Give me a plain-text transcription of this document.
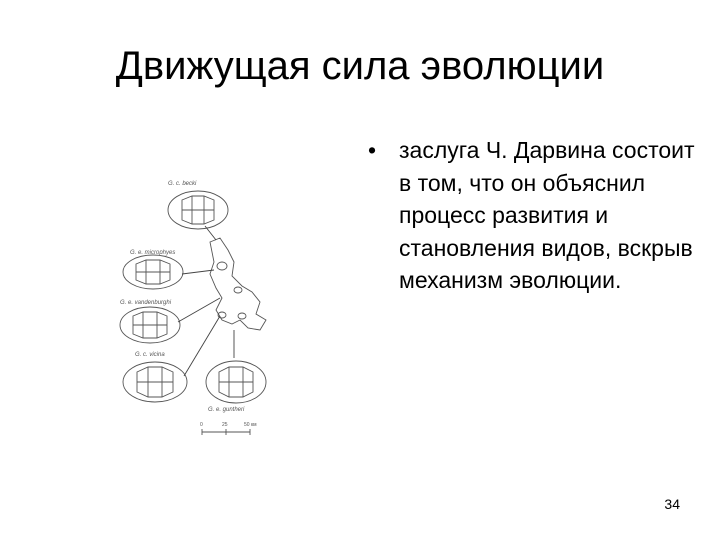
Движущая сила эволюции
G. c. becki
G. e. microphyes
G. e. vandenburghi
G. c. vicina
G. e. guntheri
0	25	50 км
• заслуга Ч. Дарвина состоит в том, что он объяснил процесс развития и становления видов, вскрыв механизм эволюции.
34
